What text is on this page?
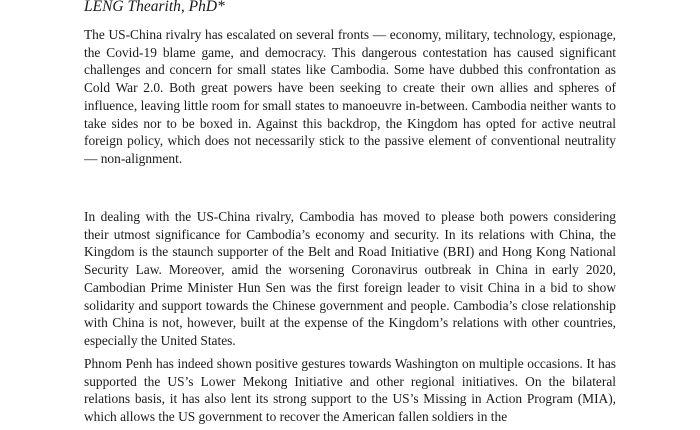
LENG Thearith, PhD*

The US-China rivalry has escalated on several fronts — economy, military, technology, espionage, the Covid-19 blame game, and democracy. This dangerous contestation has caused significant challenges and concern for small states like Cambodia. Some have dubbed this confrontation as Cold War 2.0. Both great powers have been seeking to create their own allies and spheres of influence, leaving little room for small states to manoeuvre in-between. Cambodia neither wants to take sides nor to be boxed in. Against this backdrop, the Kingdom has opted for active neutral foreign policy, which does not necessarily stick to the passive element of conventional neutrality — non-alignment.

In dealing with the US-China rivalry, Cambodia has moved to please both powers considering their utmost significance for Cambodia’s economy and security. In its relations with China, the Kingdom is the staunch supporter of the Belt and Road Initiative (BRI) and Hong Kong National Security Law. Moreover, amid the worsening Coronavirus outbreak in China in early 2020, Cambodian Prime Minister Hun Sen was the first foreign leader to visit China in a bid to show solidarity and support towards the Chinese government and people. Cambodia’s close relationship with China is not, however, built at the expense of the Kingdom’s relations with other countries, especially the United States.

Phnom Penh has indeed shown positive gestures towards Washington on multiple occasions. It has supported the US’s Lower Mekong Initiative and other regional initiatives. On the bilateral relations basis, it has also lent its strong support to the US’s Missing in Action Program (MIA), which allows the US government to recover the American fallen soldiers in the
